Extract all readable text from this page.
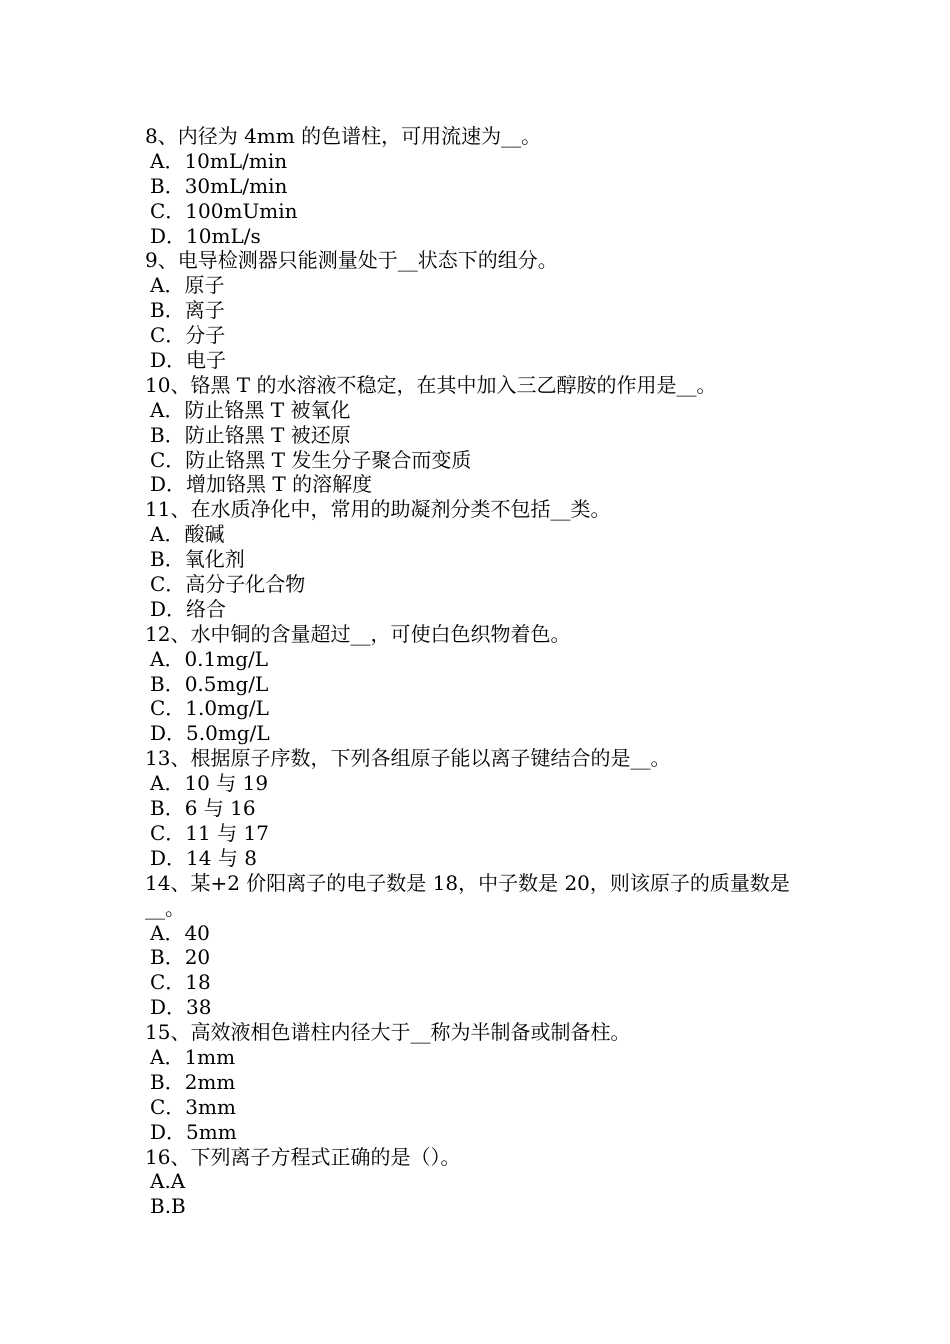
8、内径为 4mm 的色谱柱，可用流速为__。
A．10mL/min
B．30mL/min
C．100mUmin
D．10mL/s
9、电导检测器只能测量处于__状态下的组分。
A．原子
B．离子
C．分子
D．电子
10、铬黑 T 的水溶液不稳定，在其中加入三乙醇胺的作用是__。
A．防止铬黑 T 被氧化
B．防止铬黑 T 被还原
C．防止铬黑 T 发生分子聚合而变质
D．增加铬黑 T 的溶解度
11、在水质净化中，常用的助凝剂分类不包括__类。
A．酸碱
B．氧化剂
C．高分子化合物
D．络合
12、水中铜的含量超过__，可使白色织物着色。
A．0.1mg/L
B．0.5mg/L
C．1.0mg/L
D．5.0mg/L
13、根据原子序数，下列各组原子能以离子键结合的是__。
A．10 与 19
B．6 与 16
C．11 与 17
D．14 与 8
14、某+2 价阳离子的电子数是 18，中子数是 20，则该原子的质量数是
__。
A．40
B．20
C．18
D．38
15、高效液相色谱柱内径大于__称为半制备或制备柱。
A．1mm
B．2mm
C．3mm
D．5mm
16、下列离子方程式正确的是（）。
A.A
B.B
